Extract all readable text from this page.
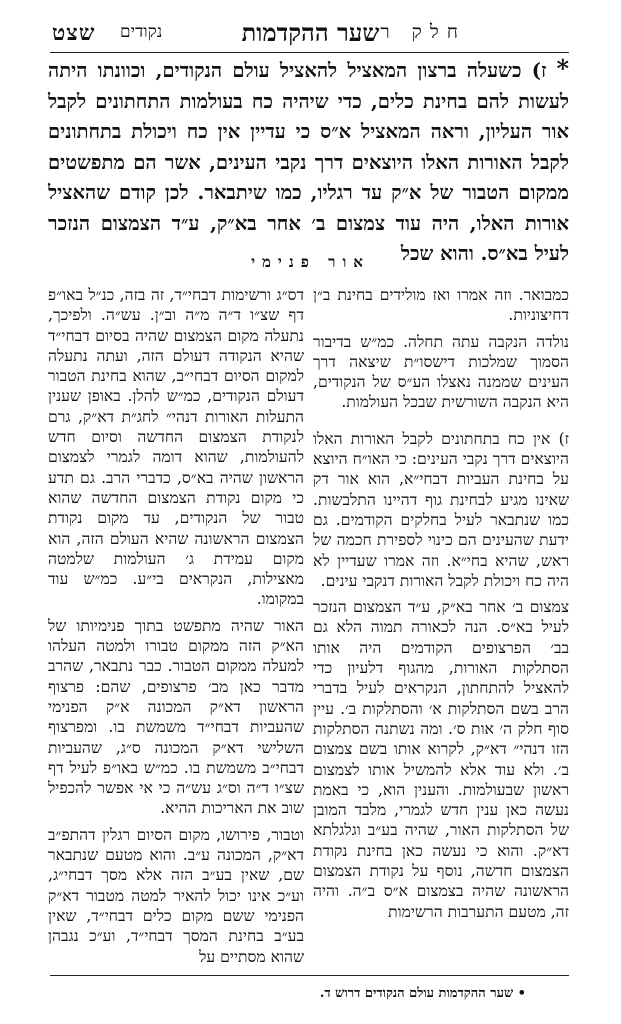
שצט נקודים	שער ההקדמות חלק ר
*ז) כשעלה ברצון המאציל להאציל עולם הנקודים, וכוונתו היתה לעשות להם בחינת כלים, כדי שיהיה כח בעולמות התחתונים לקבל אור העליון, וראה המאציל א״ס כי עדיין אין כח ויכולת בתחתונים לקבל האורות האלו היוצאים דרך נקבי העינים, אשר הם מתפשטים ממקום הטבור של א״ק עד רגליו, כמו שיתבאר. לכן קודם שהאציל אורות האלו, היה עוד צמצום ב׳ אחר בא״ק, ע״ד הצמצום הנזכר לעיל בא״ס. והוא שכל
אור פנימי

כמבואר. וזה אמרו ואז מולידים בחינת ב״ן דחיצוניות.

נולדה הנקבה עתה תחלה. כמ״ש בדיבור הסמוך שמלכות דישסו״ת שיצאה דרך העינים שממנה נאצלו הע״ס של הנקודים, היא הנקבה השורשית שבכל העולמות.

ז) אין כח בתחתונים לקבל האורות האלו היוצאים דרך נקבי העינים: כי האו״ח היוצא על בחינת העביות דבחי״א, הוא אור דק שאינו מגיע לבחינת גוף דהיינו התלבשות. כמו שנתבאר לעיל בחלקים הקודמים. גם ידעת שהעינים הם כינוי לספירת חכמה של ראש, שהיא בחי״א. וזה אמרו שעדיין לא היה כח ויכולת לקבל האורות דנקבי עינים.

צמצום ב׳ אחר בא״ק, ע״ד הצמצום הנזכר לעיל בא״ס. הנה לכאורה תמוה הלא גם בב׳ הפרצופים הקודמים היה אותו הסתלקות האורות, מהגוף דלעיון כדי להאציל להתחתון, הנקראים לעיל בדברי הרב בשם הסתלקות א׳ והסתלקות ב׳. עיין סוף חלק ה׳ אות ס׳. ומה נשתנה הסתלקות הזו דנהי״ דא״ק, לקרוא אותו בשם צמצום ב׳. ולא עוד אלא להמשיל אותו לצמצום ראשון שבעולמות. והענין הוא, כי באמת נעשה כאן ענין חדש לגמרי, מלבד המובן של הסתלקות האור, שהיה בע״ב וגלגלתא דא״ק. והוא כי נעשה כאן בחינת נקודת הצמצום חדשה, נוסף על נקודת הצמצום הראשונה שהיה בצמצום א״ס ב״ה. והיה זה, מטעם התערבות הרשימות

דס״ג ורשימות דבחי״ד, זה בזה, כנ״ל באו״פ דף שצ״ו ד״ה מ״ה וב״ן. עש״ה. ולפיכך, נתעלה מקום הצמצום שהיה בסיום דבחי״ד שהיא הנקודה דעולם הזה, ועתה נתעלה למקום הסיום דבחי״ב, שהוא בחינת הטבור דעולם הנקודים, כמ״ש להלן. באופן שענין התעלות האורות דנהי״ לחג״ת דא״ק, גרם לנקודת הצמצום החדשה וסיום חדש להעולמות, שהוא דומה לגמרי לצמצום הראשון שהיה בא״ס, כדברי הרב. גם תדע כי מקום נקודת הצמצום החדשה שהוא טבור של הנקודים, עד מקום נקודת הצמצום הראשונה שהיא העולם הזה, הוא מקום עמידת ג׳ העולמות שלמטה מאצילות, הנקראים בי״ע. כמ״ש עוד במקומו.

האור שהיה מתפשט בתוך פנימיותו של הא״ק הזה ממקום טבורו ולמטה העלהו למעלה ממקום הטבור. כבר נתבאר, שהרב מדבר כאן מב׳ פרצופים, שהם: פרצוף הראשון דא״ק המכונה א״ק הפנימי שהעביות דבחי״ד משמשת בו. ומפרצוף השלישי דא״ק המכונה ס״ג, שהעביות דבחי״ב משמשת בו. כמ״ש באו״פ לעיל דף שצ״ו ד״ה וס״ג עש״ה כי אי אפשר להכפיל שוב את האריכות ההיא.

וטבור, פירושו, מקום הסיום רגלין דהתפ״ב דא״ק, המכונה ע״ב. והוא מטעם שנתבאר שם, שאין בע״ב הזה אלא מסך דבחי״ג, וע״כ אינו יכול להאיר למטה מטבור דא״ק הפנימי ששם מקום כלים דבחי״ד, שאין בע״ב בחינת המסך דבחי״ד, וע״כ נגבהן שהוא מסתיים על

• שער ההקדמות עולם הנקודים דרוש ד.
